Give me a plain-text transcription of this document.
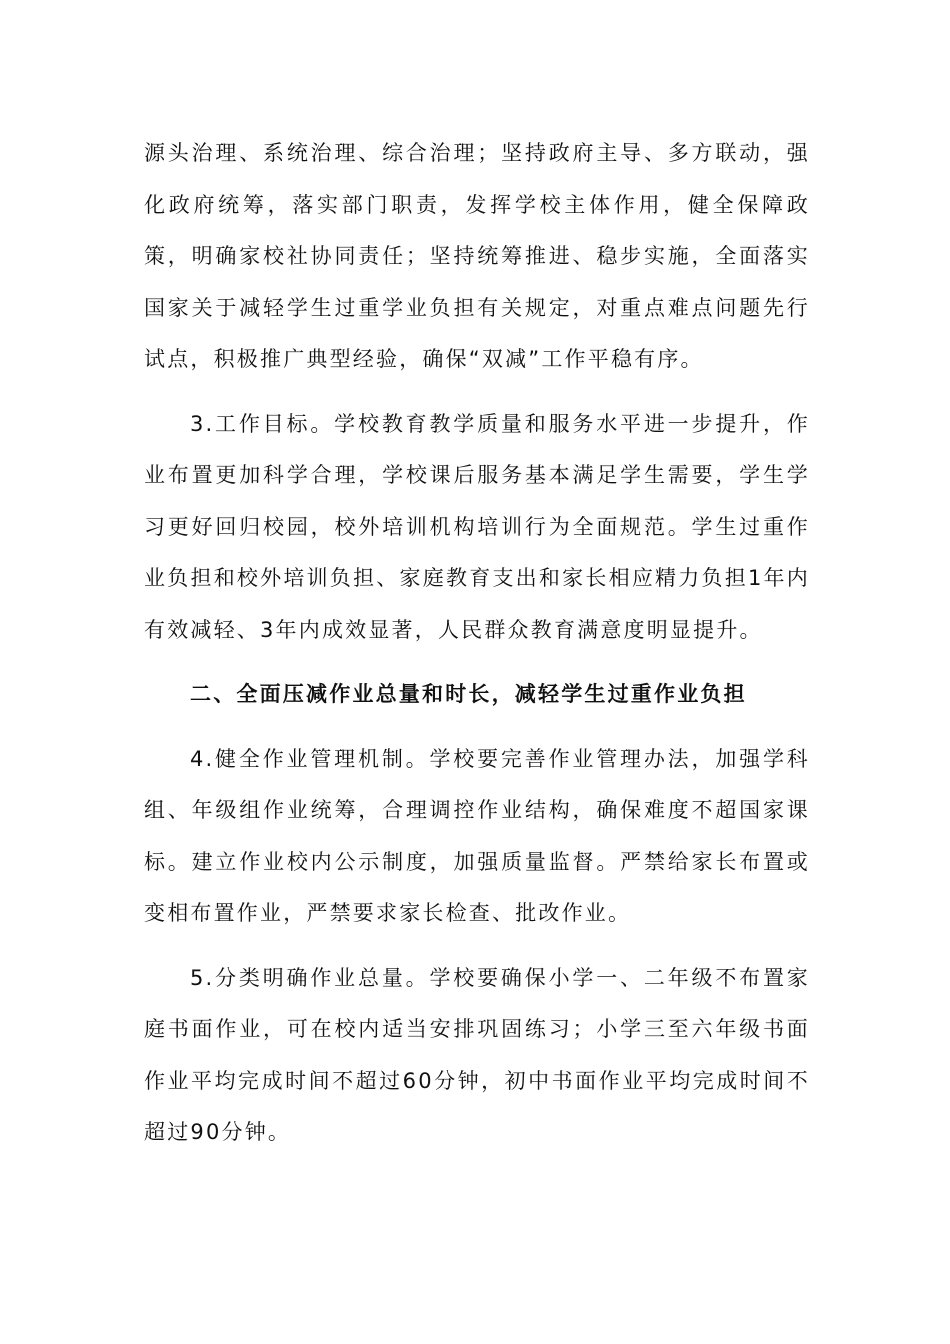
源头治理、系统治理、综合治理；坚持政府主导、多方联动，强化政府统筹，落实部门职责，发挥学校主体作用，健全保障政策，明确家校社协同责任；坚持统筹推进、稳步实施，全面落实国家关于减轻学生过重学业负担有关规定，对重点难点问题先行试点，积极推广典型经验，确保“双减”工作平稳有序。

3.工作目标。学校教育教学质量和服务水平进一步提升，作业布置更加科学合理，学校课后服务基本满足学生需要，学生学习更好回归校园，校外培训机构培训行为全面规范。学生过重作业负担和校外培训负担、家庭教育支出和家长相应精力负担1年内有效减轻、3年内成效显著，人民群众教育满意度明显提升。

二、全面压减作业总量和时长，减轻学生过重作业负担

4.健全作业管理机制。学校要完善作业管理办法，加强学科组、年级组作业统筹，合理调控作业结构，确保难度不超国家课标。建立作业校内公示制度，加强质量监督。严禁给家长布置或变相布置作业，严禁要求家长检查、批改作业。

5.分类明确作业总量。学校要确保小学一、二年级不布置家庭书面作业，可在校内适当安排巩固练习；小学三至六年级书面作业平均完成时间不超过60分钟，初中书面作业平均完成时间不超过90分钟。
